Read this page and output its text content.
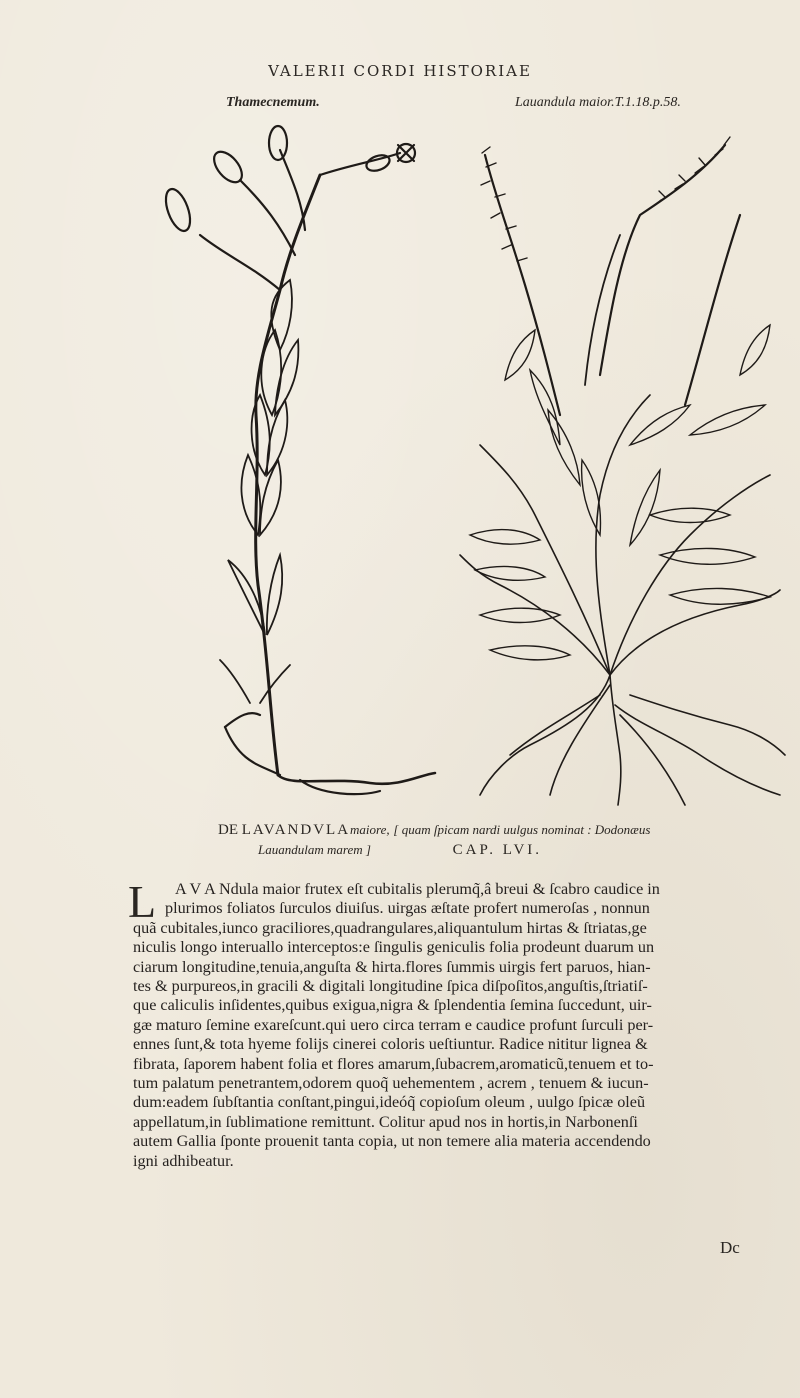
VALERII CORDI HISTORIAE
Thamecnemum.	Lauandula maior.T.1.18.p.58.
DE LAVANDVLAmaiore, [ quam ſpicam nardi uulgus nominat : Dodonæus
Lauandulam marem ]	CAP. LVI.
L	A V A Ndula maior frutex eſt cubitalis plerumq̃,â breui & ſcabro caudice in
plurimos foliatos ſurculos diuiſus. uirgas æſtate profert numeroſas , nonnun
quã cubitales,iunco graciliores,quadrangulares,aliquantulum hirtas & ſtriatas,ge
niculis longo interuallo interceptos:e ſingulis geniculis folia prodeunt duarum un
ciarum longitudine,tenuia,anguſta & hirta.flores ſummis uirgis fert paruos, hian-
tes & purpureos,in gracili & digitali longitudine ſpica diſpoſitos,anguſtis,ſtriatiſ-
que caliculis inſidentes,quibus exigua,nigra & ſplendentia ſemina ſuccedunt, uir-
gæ maturo ſemine exareſcunt.qui uero circa terram e caudice profunt ſurculi per-
ennes ſunt,& tota hyeme folijs cinerei coloris ueſtiuntur. Radice nititur lignea &
fibrata, ſaporem habent folia et flores amarum,ſubacrem,aromaticũ,tenuem et to-
tum palatum penetrantem,odorem quoq̃ uehementem , acrem , tenuem & iucun-
dum:eadem ſubſtantia conſtant,pingui,ideóq̃ copioſum oleum , uulgo ſpicæ oleũ
appellatum,in ſublimatione remittunt. Colitur apud nos in hortis,in Narbonenſi
autem Gallia ſponte prouenit tanta copia, ut non temere alia materia accendendo
igni adhibeatur.
Dc
